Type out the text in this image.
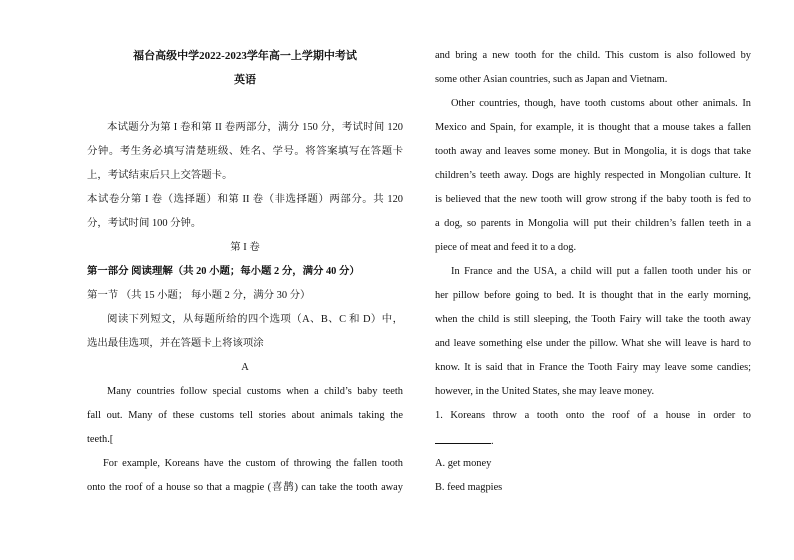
福台高级中学2022-2023学年高一上学期中考试
英语
本试题分为第 I 卷和第 II 卷两部分，满分 150 分，考试时间 120
分钟。考生务必填写清楚班级、姓名、学号。将答案填写在答题卡
上，考试结束后只上交答题卡。
本试卷分第 I 卷（选择题）和第 II 卷（非选择题）两部分。共 120
分，考试时间 100 分钟。
第 I 卷
第一部分 阅读理解（共 20 小题；每小题 2 分，满分 40 分）
第一节 （共 15 小题； 每小题 2 分，满分 30 分）
阅读下列短文，从每题所给的四个选项（A、B、C 和 D）中，
选出最佳选项，并在答题卡上将该项涂
A
Many countries follow special customs when a child’s baby teeth
fall out. Many of these customs tell stories about animals taking the
teeth.[
For example, Koreans have the custom of throwing the fallen tooth
onto the roof of a house so that a magpie (喜鹊) can take the tooth away
and bring a new tooth for the child. This custom is also followed by
some other Asian countries, such as Japan and Vietnam.
Other countries, though, have tooth customs about other animals. In
Mexico and Spain, for example, it is thought that a mouse takes a fallen
tooth away and leaves some money. But in Mongolia, it is dogs that take
children’s teeth away. Dogs are highly respected in Mongolian culture. It
is believed that the new tooth will grow strong if the baby tooth is fed to
a dog, so parents in Mongolia will put their children’s fallen teeth in a
piece of meat and feed it to a dog.
In France and the USA, a child will put a fallen tooth under his or
her pillow before going to bed. It is thought that in the early morning,
when the child is still sleeping, the Tooth Fairy will take the tooth away
and leave something else under the pillow. What she will leave is hard to
know. It is said that in France the Tooth Fairy may leave some candies;
however, in the United States, she may leave money.
1. Koreans throw a tooth onto the roof of a house in order to
.
A. get money
B. feed magpies
